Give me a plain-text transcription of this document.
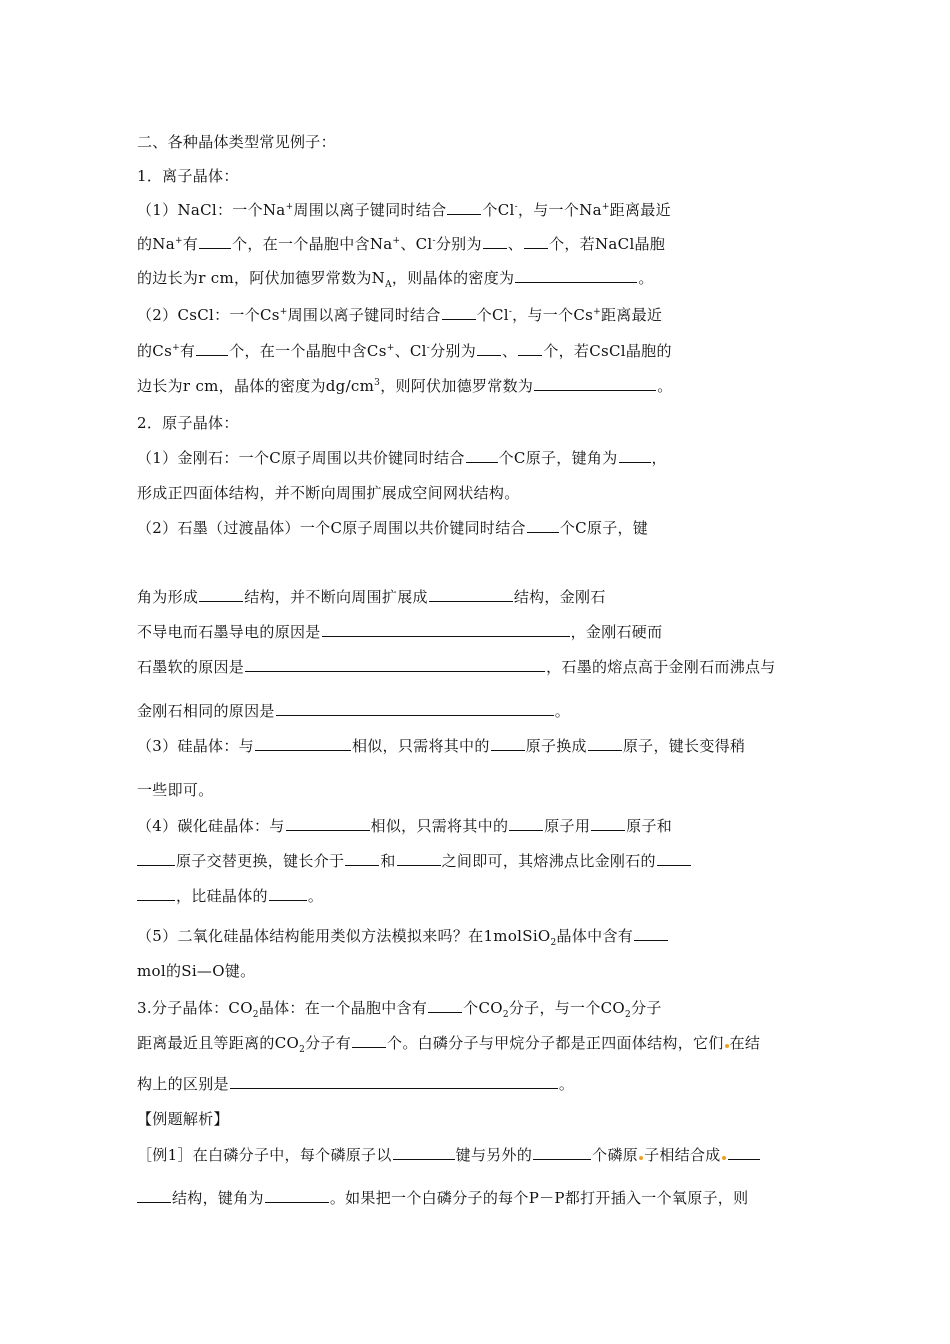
二、各种晶体类型常见例子：
1．离子晶体：
（1）NaCl：一个Na+周围以离子键同时结合 个Cl-，与一个Na+距离最近
的Na+有 个，在一个晶胞中含Na+、Cl-分别为 、 个，若NaCl晶胞
的边长为r cm，阿伏加德罗常数为$N_A$，则晶体的密度为	。
（2）CsCl：一个Cs+周围以离子键同时结合 个Cl-，与一个Cs+距离最近
的Cs+有 个，在一个晶胞中含Cs+、Cl-分别为 、 个，若CsCl晶胞的
边长为r cm，晶体的密度为$dg/cm^3$，则阿伏加德罗常数为	。
2．原子晶体：
（1）金刚石：一个C原子周围以共价键同时结合 个C原子，键角为 ，
形成正四面体结构，并不断向周围扩展成空间网状结构。
（2）石墨（过渡晶体）一个C原子周围以共价键同时结合 个C原子，键
角为形成	结构，并不断向周围扩展成	结构，金刚石
不导电而石墨导电的原因是	，金刚石硬而
石墨软的原因是	，石墨的熔点高于金刚石而沸点与
金刚石相同的原因是	。
（3）硅晶体：与	相似，只需将其中的 原子换成 原子，键长变得稍
一些即可。
（4）碳化硅晶体：与	相似，只需将其中的 原子用 原子和
原子交替更换，键长介于 和	之间即可，其熔沸点比金刚石的
，比硅晶体的	。
（5）二氧化硅晶体结构能用类似方法模拟来吗？在1molSiO$_2$晶体中含有
mol的Si—O键。
3.分子晶体：$CO_2$晶体：在一个晶胞中含有 个$CO_2$分子，与一个$CO_2$分子
距离最近且等距离的$CO_2$分子有 个。白磷分子与甲烷分子都是正四面体结构，它们 在结
构上的区别是	。
【例题解析】
［例1］在白磷分子中，每个磷原子以	键与另外的	个磷原 子相结合成
结构，键角为	。如果把一个白磷分子的每个P－P都打开插入一个氧原子，则
